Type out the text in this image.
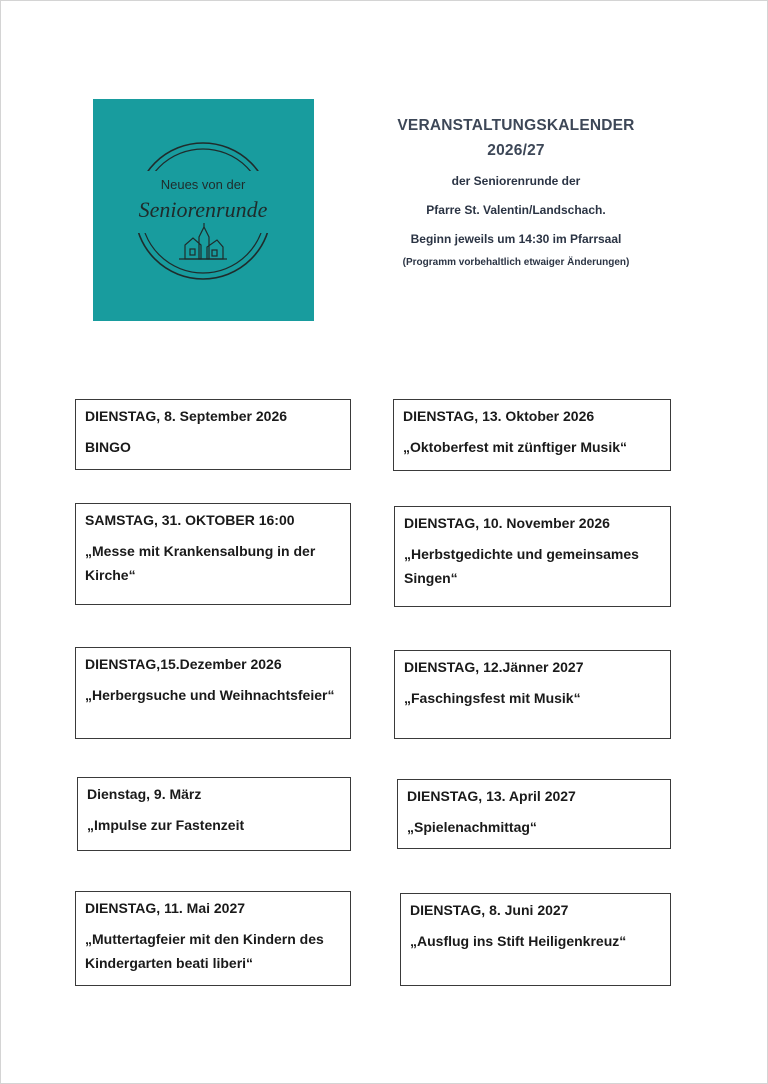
Neues von der
Seniorenrunde
VERANSTALTUNGSKALENDER
2026/27
der Seniorenrunde der
Pfarre St. Valentin/Landschach.
Beginn jeweils um 14:30 im Pfarrsaal
(Programm vorbehaltlich etwaiger Änderungen)
DIENSTAG, 8. September 2026
BINGO
DIENSTAG, 13. Oktober 2026
„Oktoberfest mit zünftiger Musik“
SAMSTAG, 31. OKTOBER 16:00
„Messe mit Krankensalbung in der Kirche“
DIENSTAG, 10. November 2026
„Herbstgedichte und gemeinsames Singen“
DIENSTAG,15.Dezember 2026
„Herbergsuche und Weihnachtsfeier“
DIENSTAG, 12.Jänner 2027
„Faschingsfest mit Musik“
Dienstag, 9. März
„Impulse zur Fastenzeit
DIENSTAG, 13. April 2027
„Spielenachmittag“
DIENSTAG, 11. Mai 2027
„Muttertagfeier mit den Kindern des Kindergarten beati liberi“
DIENSTAG, 8. Juni 2027
„Ausflug ins Stift Heiligenkreuz“
